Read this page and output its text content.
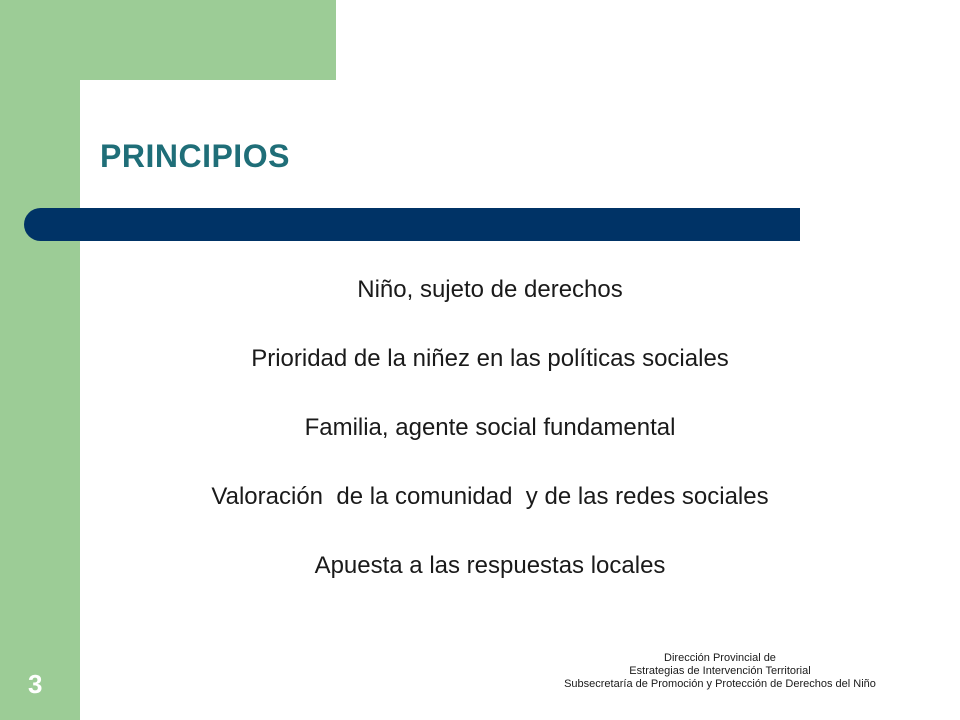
PRINCIPIOS
Niño, sujeto de derechos
Prioridad de la niñez en las políticas sociales
Familia, agente social fundamental
Valoración  de la comunidad  y de las redes sociales
Apuesta a las respuestas locales
3
Dirección Provincial de
Estrategias de Intervención Territorial
Subsecretaría de Promoción y Protección de Derechos del Niño
